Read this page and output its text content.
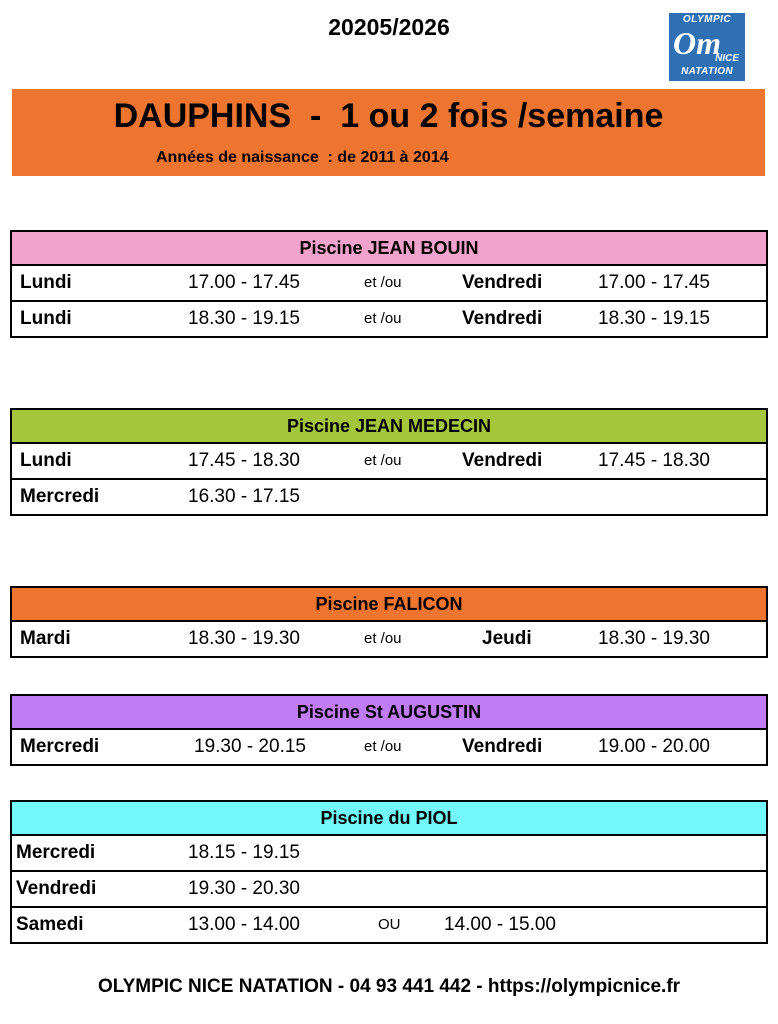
20205/2026	OLYMPIC
Om
NICE
NATATION
DAUPHINS  -  1 ou 2 fois /semaine
Années de naissance  : de 2011 à 2014
Piscine JEAN BOUIN
Lundi	17.00 - 17.45	et /ou	Vendredi	17.00 - 17.45
Lundi	18.30 - 19.15	et /ou	Vendredi	18.30 - 19.15
Piscine JEAN MEDECIN
Lundi	17.45 - 18.30	et /ou	Vendredi	17.45 - 18.30
Mercredi	16.30 - 17.15
Piscine FALICON
Mardi	18.30 - 19.30	et /ou	Jeudi	18.30 - 19.30
Piscine St AUGUSTIN
Mercredi	19.30 - 20.15	et /ou	Vendredi	19.00 - 20.00
Piscine du PIOL
Mercredi	18.15 - 19.15
Vendredi	19.30 - 20.30
Samedi	13.00 - 14.00	OU 14.00 - 15.00
OLYMPIC NICE NATATION - 04 93 441 442 - https://olympicnice.fr
